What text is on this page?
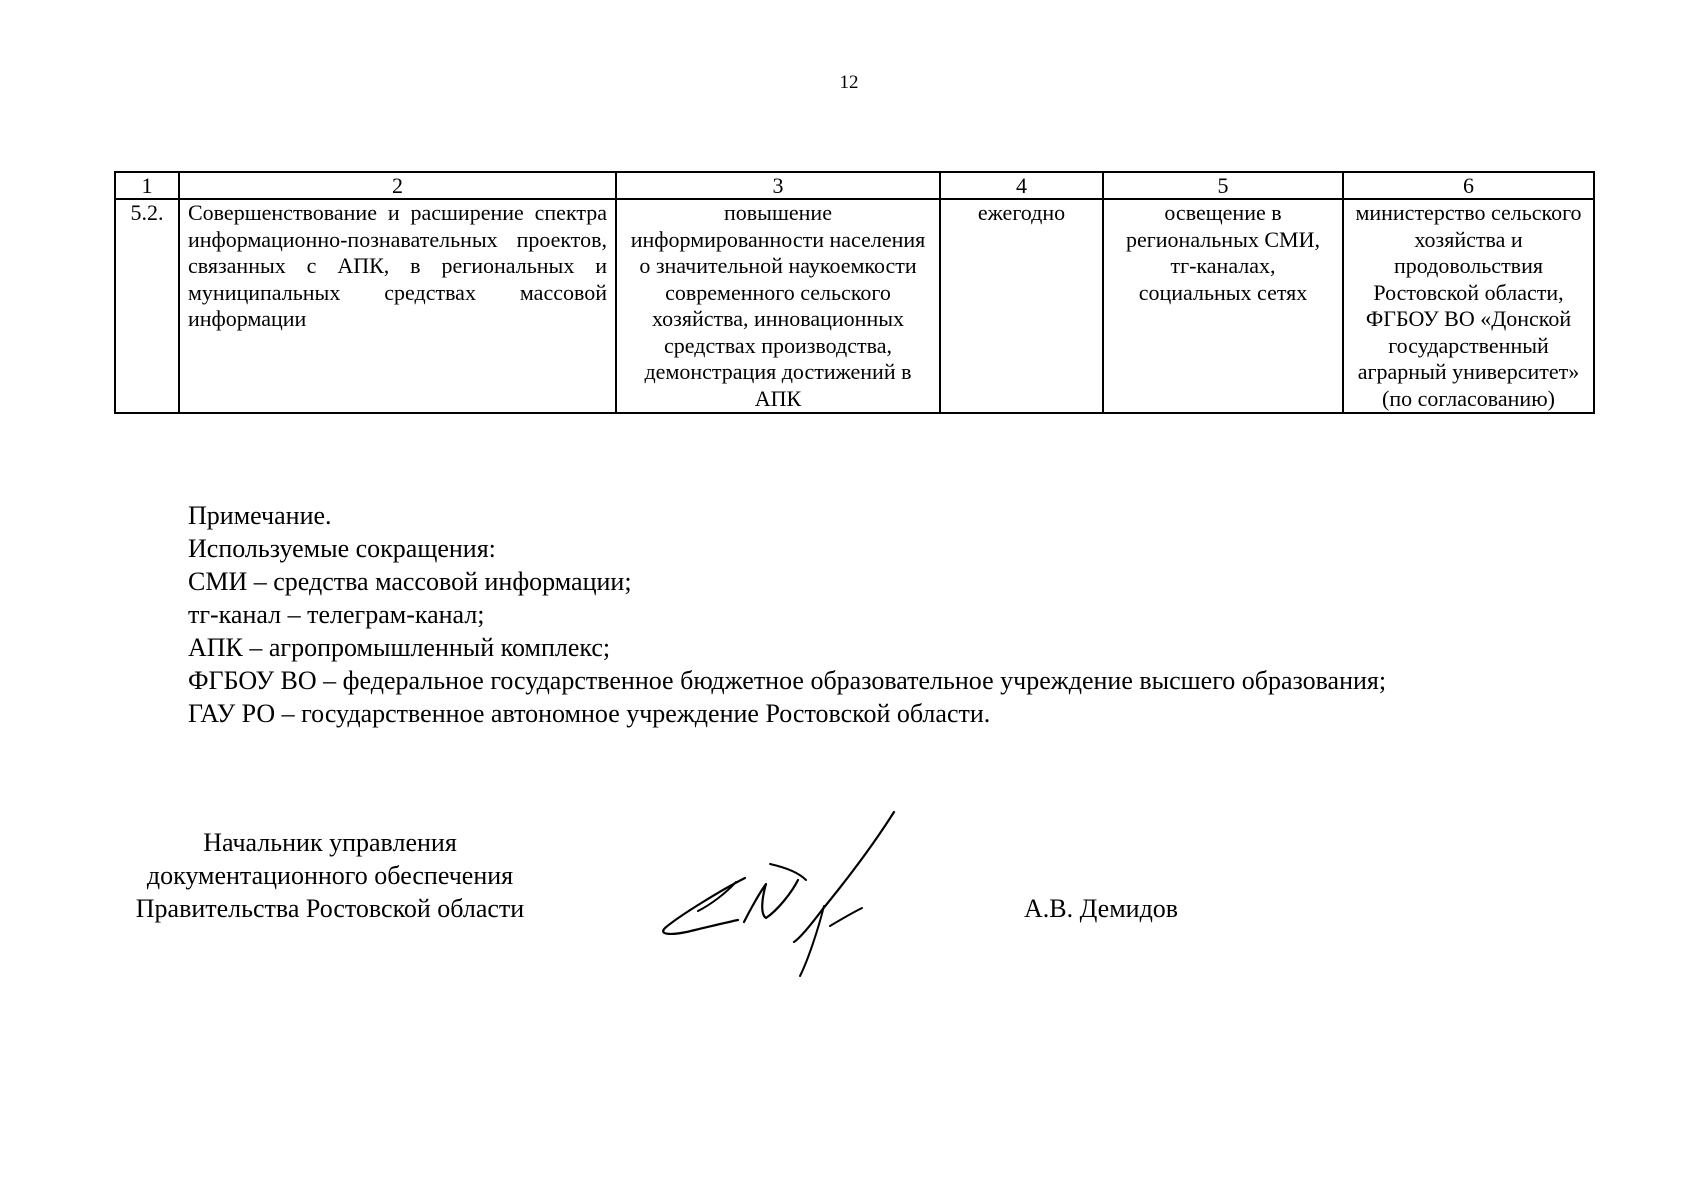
12
1	2	3	4	5	6
5.2.	Совершенствование и расширение спектра информационно-познавательных проектов, связанных с АПК, в региональных и муниципальных средствах массовой информации	повышение информированности населения о значительной наукоемкости современного сельского хозяйства, инновационных средствах производства, демонстрация достижений в АПК	ежегодно	освещение в региональных СМИ, тг-каналах, социальных сетях	министерство сельского хозяйства и продовольствия Ростовской области, ФГБОУ ВО «Донской государственный аграрный университет» (по согласованию)
Примечание.
Используемые сокращения:
СМИ – средства массовой информации;
тг-канал – телеграм-канал;
АПК – агропромышленный комплекс;
ФГБОУ ВО – федеральное государственное бюджетное образовательное учреждение высшего образования;
ГАУ РО – государственное автономное учреждение Ростовской области.
Начальник управления
документационного обеспечения
Правительства Ростовской области	А.В. Демидов
